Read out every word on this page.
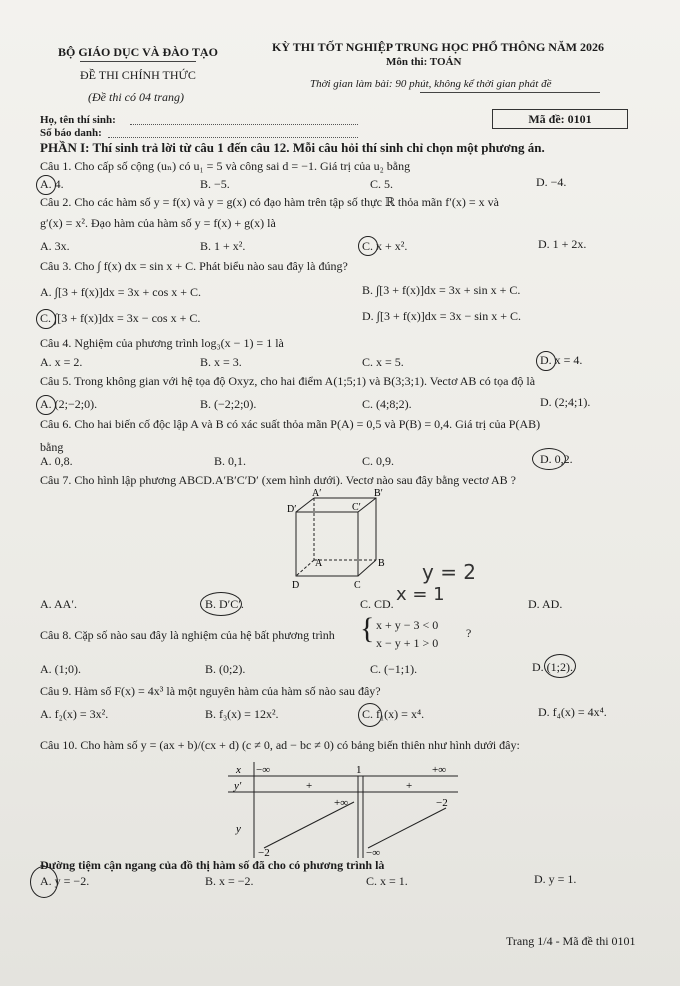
BỘ GIÁO DỤC VÀ ĐÀO TẠO
ĐỀ THI CHÍNH THỨC
(Đề thi có 04 trang)
KỲ THI TỐT NGHIỆP TRUNG HỌC PHỔ THÔNG NĂM 2026
Môn thi: TOÁN
Thời gian làm bài: 90 phút, không kể thời gian phát đề
Họ, tên thí sinh:
Số báo danh:
Mã đề: 0101
PHẦN I: Thí sinh trả lời từ câu 1 đến câu 12. Mỗi câu hỏi thí sinh chỉ chọn một phương án.
Câu 1. Cho cấp số cộng (uₙ) có u₁ = 5 và công sai d = −1. Giá trị của u₂ bằng
A. 4.	B. −5.	C. 5.	D. −4.
Câu 2. Cho các hàm số y = f(x) và y = g(x) có đạo hàm trên tập số thực ℝ thỏa mãn f′(x) = x và
g′(x) = x². Đạo hàm của hàm số y = f(x) + g(x) là
A. 3x.	B. 1 + x².	C. x + x².	D. 1 + 2x.
Câu 3. Cho ∫ f(x) dx = sin x + C. Phát biểu nào sau đây là đúng?
A. ∫[3 + f(x)]dx = 3x + cos x + C.	B. ∫[3 + f(x)]dx = 3x + sin x + C.
C. ∫[3 + f(x)]dx = 3x − cos x + C.	D. ∫[3 + f(x)]dx = 3x − sin x + C.
Câu 4. Nghiệm của phương trình log₃(x − 1) = 1 là
A. x = 2.	B. x = 3.	C. x = 5.	D. x = 4.
Câu 5. Trong không gian với hệ tọa độ Oxyz, cho hai điểm A(1;5;1) và B(3;3;1). Vectơ AB có tọa độ là
A. (2;−2;0).	B. (−2;2;0).	C. (4;8;2).	D. (2;4;1).
Câu 6. Cho hai biến cố độc lập A và B có xác suất thỏa mãn P(A) = 0,5 và P(B) = 0,4. Giá trị của P(AB)
bằng
A. 0,8.	B. 0,1.	C. 0,9.	D. 0,2.
Câu 7. Cho hình lập phương ABCD.A′B′C′D′ (xem hình dưới). Vectơ nào sau đây bằng vectơ AB ?
A′	B′
D′	C′
A	B
D	C
A. AA′.	B. D′C′.	C. CD.	D. AD.
y = 2
x = 1
Câu 8. Cặp số nào sau đây là nghiệm của hệ bất phương trình { x + y − 3 < 0
x − y + 1 > 0
?
A. (1;0).	B. (0;2).	C. (−1;1).	D. (1;2).
Câu 9. Hàm số F(x) = 4x³ là một nguyên hàm của hàm số nào sau đây?
A. f₂(x) = 3x².	B. f₃(x) = 12x².	C. f₁(x) = x⁴.	D. f₄(x) = 4x⁴.
Câu 10. Cho hàm số y = (ax + b)/(cx + d) (c ≠ 0, ad − bc ≠ 0) có bảng biến thiên như hình dưới đây:
x −∞	1	+∞
y′	+	+
y
+∞	−2
−2	−∞
Đường tiệm cận ngang của đồ thị hàm số đã cho có phương trình là
A. y = −2.	B. x = −2.	C. x = 1.	D. y = 1.
Trang 1/4 - Mã đề thi 0101
